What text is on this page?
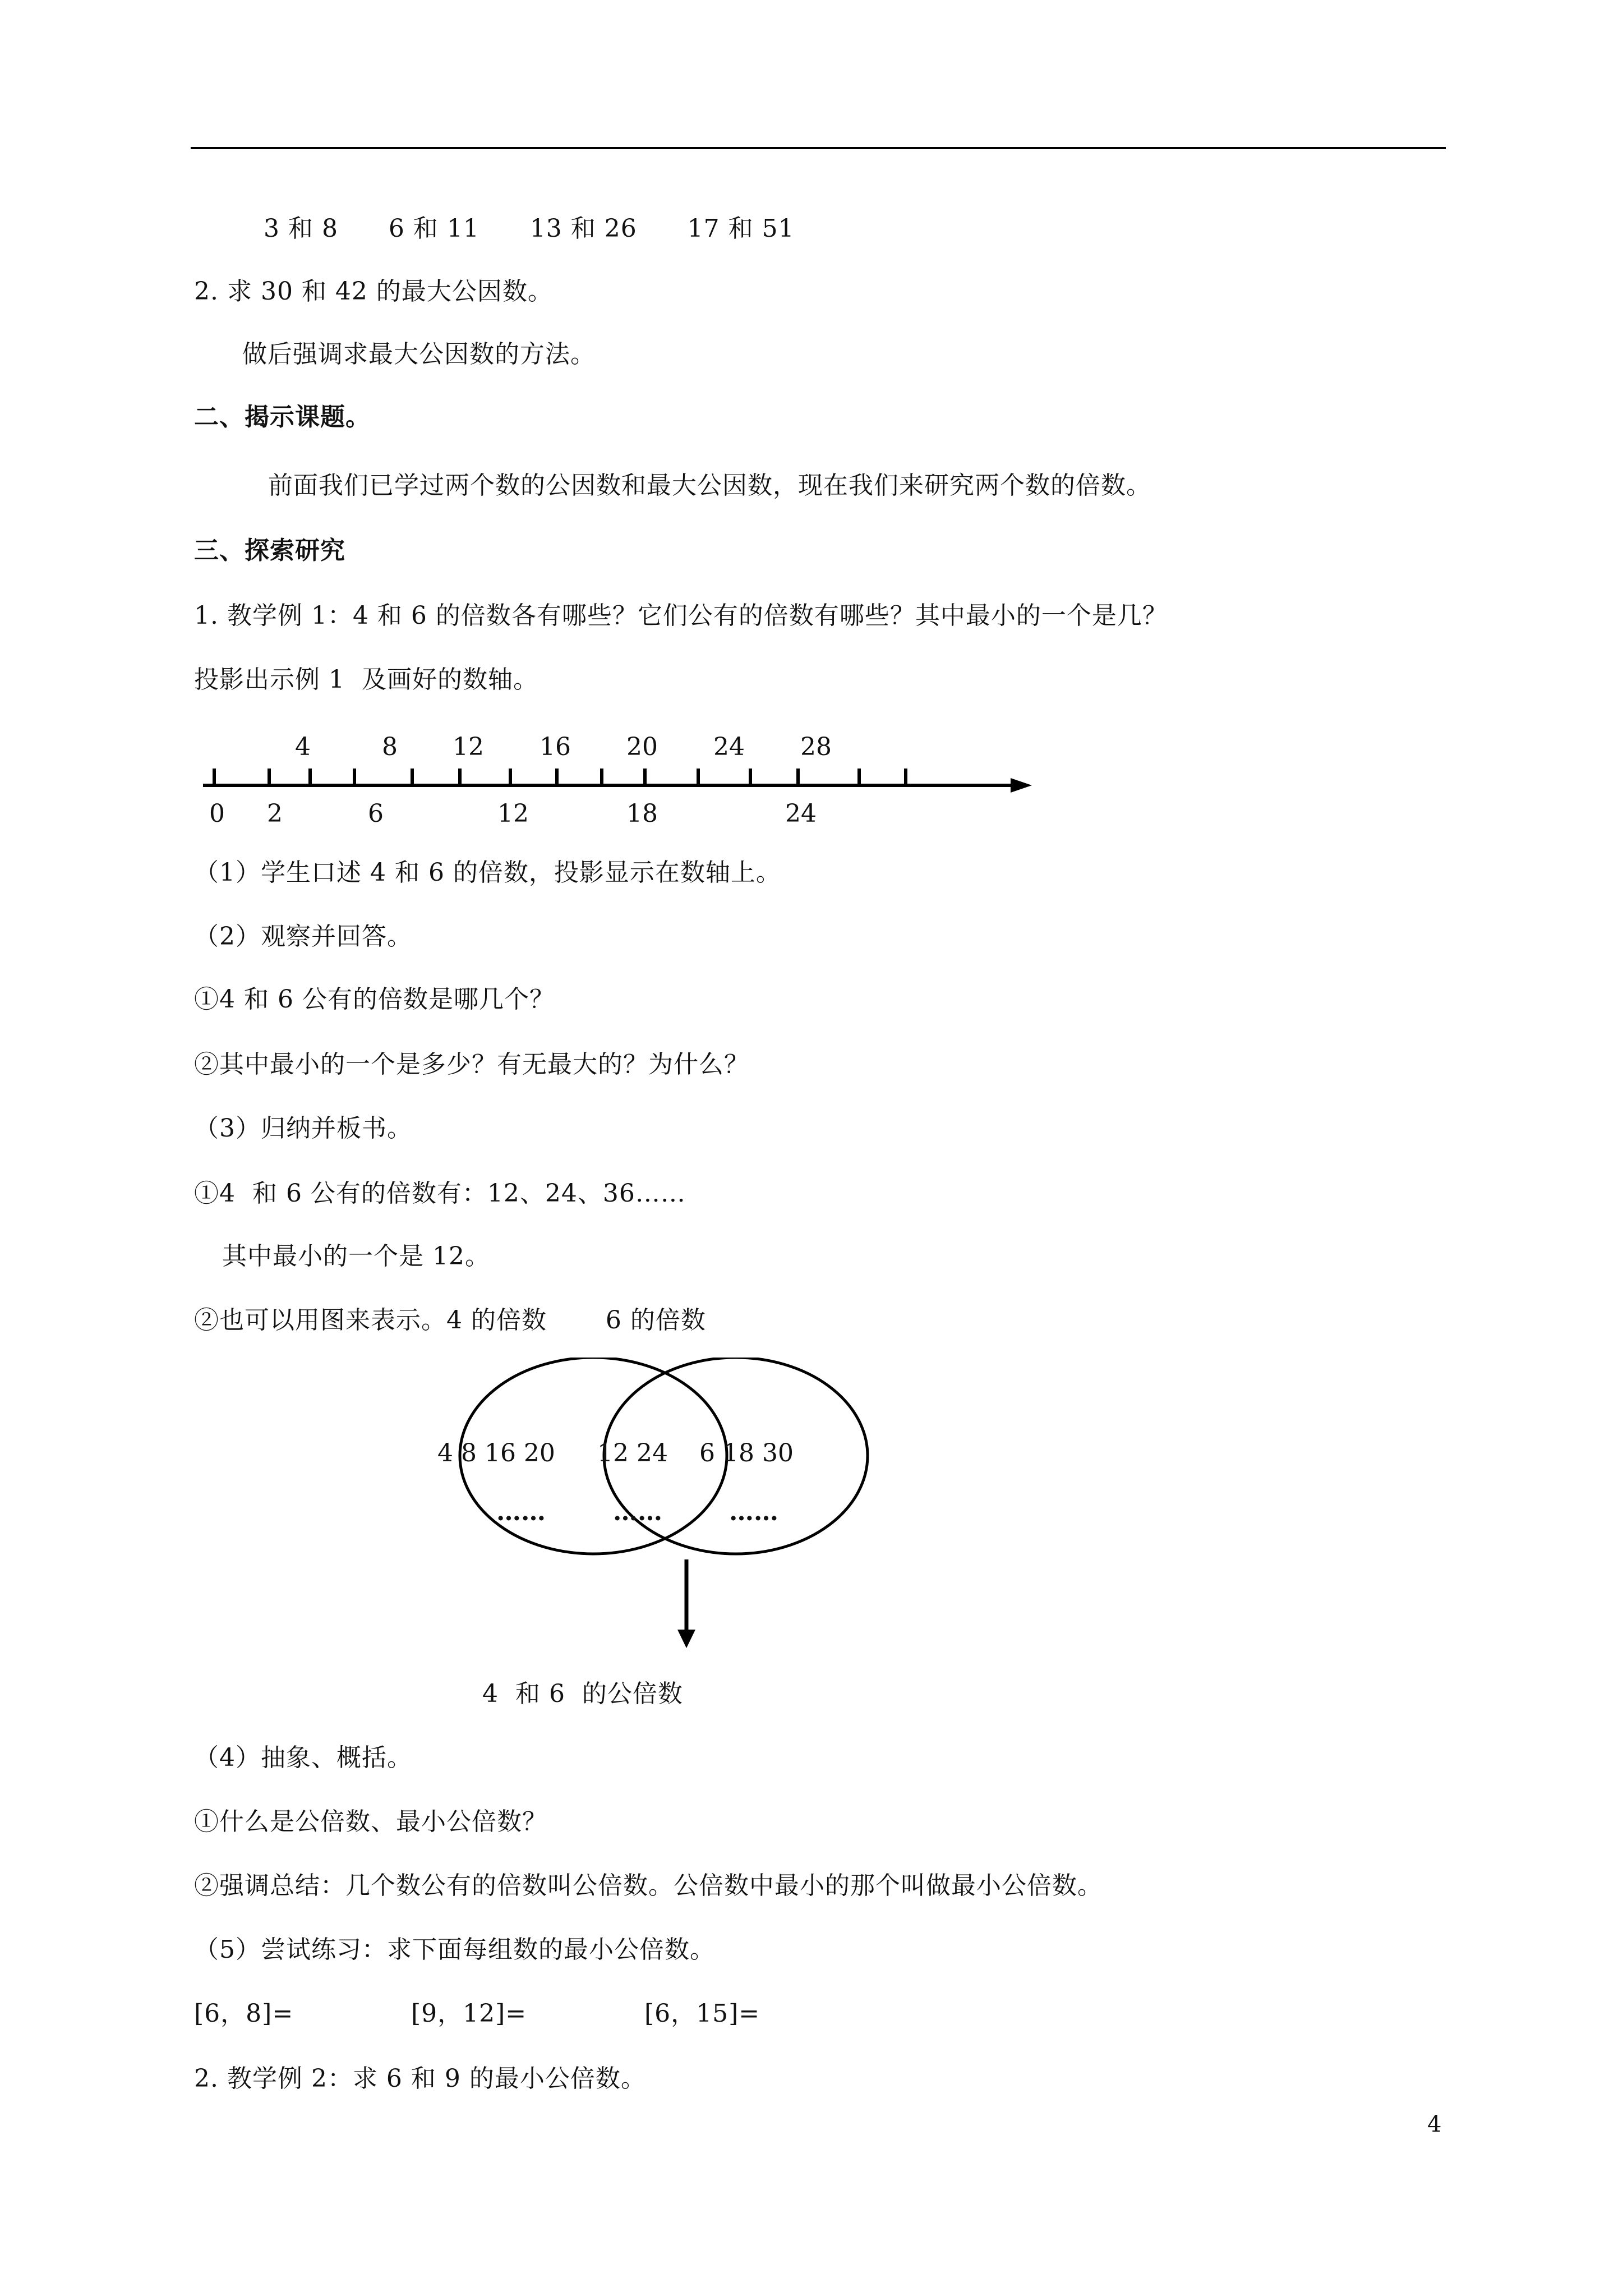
3 和 8      6 和 11      13 和 26      17 和 51
2. 求 30 和 42 的最大公因数。
做后强调求最大公因数的方法。
二、揭示课题。
前面我们已学过两个数的公因数和最大公因数，现在我们来研究两个数的倍数。
三、探索研究
1. 教学例 1：4 和 6 的倍数各有哪些？它们公有的倍数有哪些？其中最小的一个是几？
投影出示例 1  及画好的数轴。
4	8 12 16 20 24 28
0 2	6	12	18	24
（1）学生口述 4 和 6 的倍数，投影显示在数轴上。
（2）观察并回答。
①4 和 6 公有的倍数是哪几个？
②其中最小的一个是多少？有无最大的？为什么？
（3）归纳并板书。
①4  和 6 公有的倍数有：12、24、36……
其中最小的一个是 12。
②也可以用图来表示。4 的倍数       6 的倍数
4 8 16 20 12 24 6 18 30
……	……	……
4  和 6  的公倍数
（4）抽象、概括。
①什么是公倍数、最小公倍数？
②强调总结：几个数公有的倍数叫公倍数。公倍数中最小的那个叫做最小公倍数。
（5）尝试练习：求下面每组数的最小公倍数。
[6，8]=              [9，12]=              [6，15]=
2. 教学例 2：求 6 和 9 的最小公倍数。
4
